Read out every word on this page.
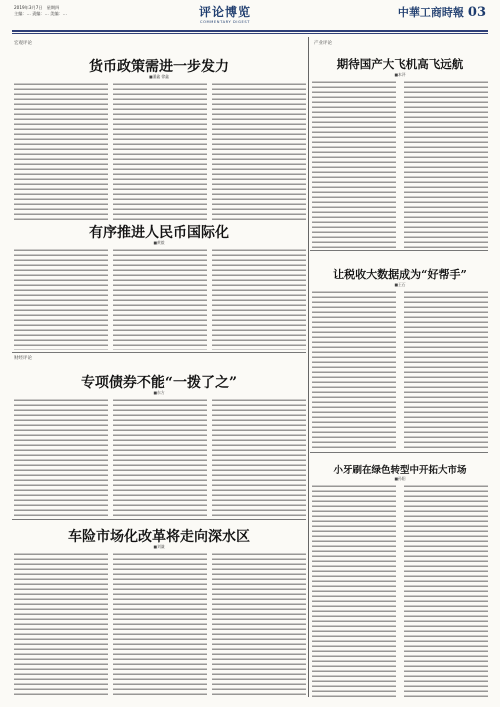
2019年3月7日　星期四
主编：… 责编：… 美编：…	评论博览
COMMENTARY DIGEST
中華工商時報 03
宏观评论	产业评论
财经评论
货币政策需进一步发力
■潘鑫 徐鑫
有序推进人民币国际化
■黄毅
专项债券不能“一拨了之”
■东方
车险市场化改革将走向深水区
■刘谦
期待国产大飞机高飞远航
■本评
让税收大数据成为“好帮手”
■王石
小牙刷在绿色转型中开拓大市场
■孙阳
